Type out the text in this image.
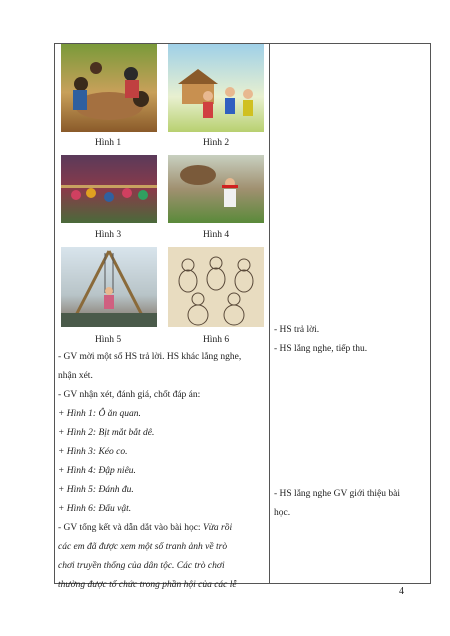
Hình 1	Hình 2
Hình 3	Hình 4
Hình 5	Hình 6
- GV mời một số HS trả lời. HS khác lắng nghe,
nhận xét.
- GV nhận xét, đánh giá, chốt đáp án:
+ Hình 1: Ô ăn quan.
+ Hình 2: Bịt mắt bắt dê.
+ Hình 3: Kéo co.
+ Hình 4: Đập niêu.
+ Hình 5: Đánh đu.
+ Hình 6: Đấu vật.
- GV tổng kết và dẫn dắt vào bài học: Vừa rồi
các em đã được xem một số tranh ảnh về trò
chơi truyền thống của dân tộc. Các trò chơi
thường được tổ chức trong phần hội của các lễ
- HS trả lời.
- HS lắng nghe, tiếp thu.
- HS lắng nghe GV giới thiệu bài
học.
4
